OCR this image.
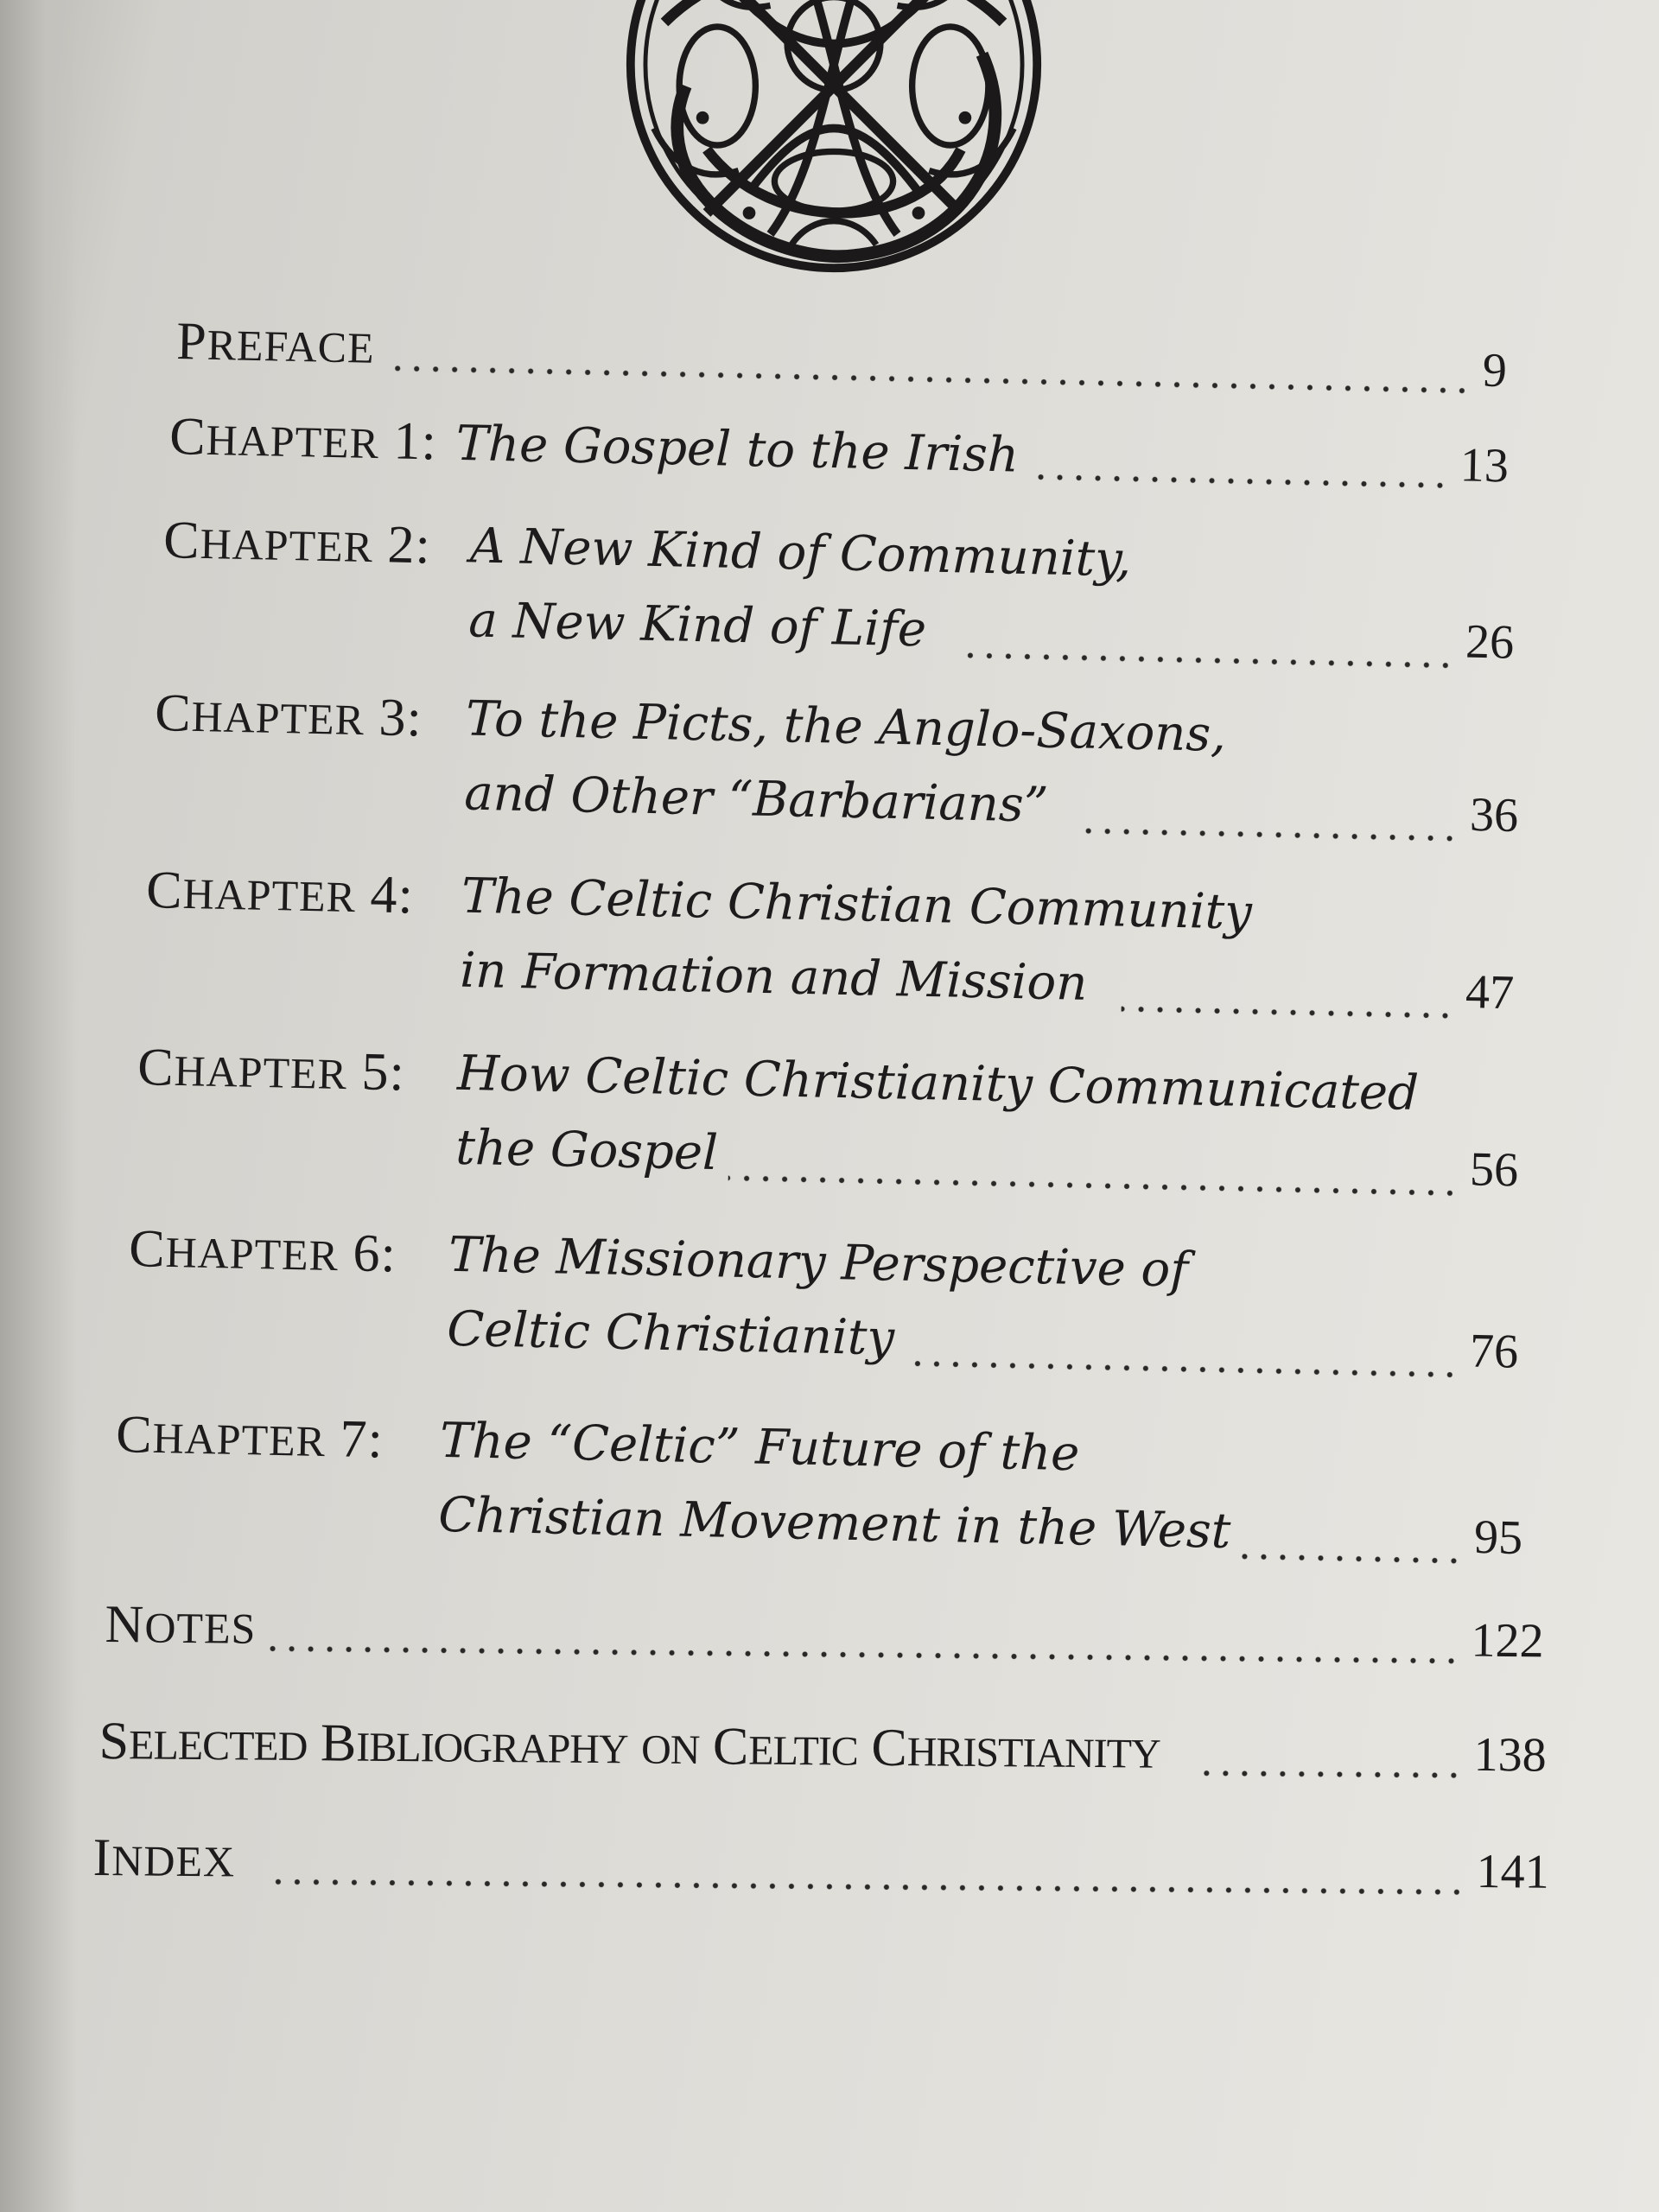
PREFACE	9
CHAPTER 1: The Gospel to the Irish	13
CHAPTER 2: A New Kind of Community,
a New Kind of Life	26
CHAPTER 3: To the Picts, the Anglo-Saxons,
and Other “Barbarians”	36
CHAPTER 4: The Celtic Christian Community
in Formation and Mission	47
CHAPTER 5: How Celtic Christianity Communicated
the Gospel	56
CHAPTER 6: The Missionary Perspective of
Celtic Christianity	76
CHAPTER 7: The “Celtic” Future of the
Christian Movement in the West	95
NOTES	122
SELECTED BIBLIOGRAPHY ON CELTIC CHRISTIANITY	138
INDEX	141
